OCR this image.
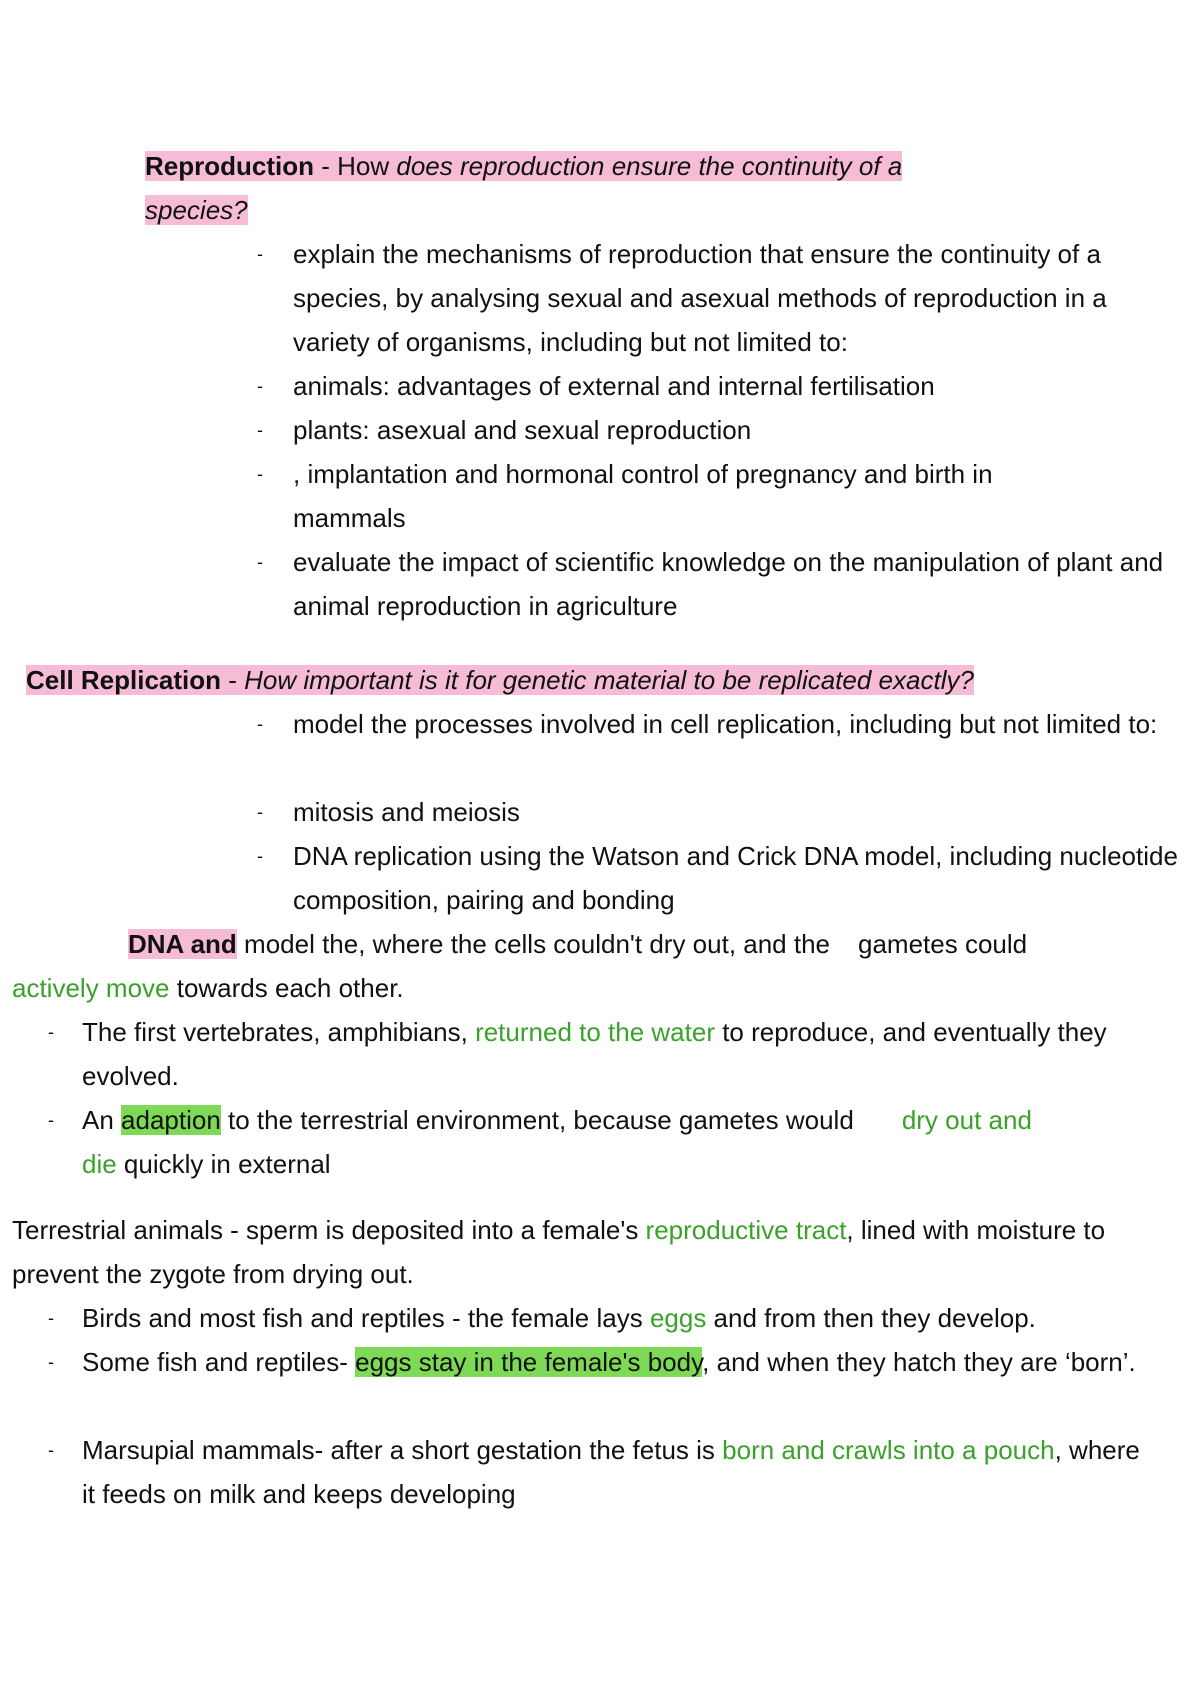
Reproduction - How does reproduction ensure the continuity of a
species?
- explain the mechanisms of reproduction that ensure the continuity of a species, by analysing sexual and asexual methods of reproduction in a variety of organisms, including but not limited to:
- animals: advantages of external and internal fertilisation
- plants: asexual and sexual reproduction
- , implantation and hormonal control of pregnancy and birth in mammals
- evaluate the impact of scientific knowledge on the manipulation of plant and animal reproduction in agriculture
Cell Replication - How important is it for genetic material to be replicated exactly?
- model the processes involved in cell replication, including but not limited to:
- mitosis and meiosis
- DNA replication using the Watson and Crick DNA model, including nucleotide composition, pairing and bonding
DNA and model the, where the cells couldn't dry out, and the gametes could
actively move towards each other.
- The first vertebrates, amphibians, returned to the water to reproduce, and eventually they evolved.
- An adaption to the terrestrial environment, because gametes would dry out and
die quickly in external
Terrestrial animals - sperm is deposited into a female's reproductive tract, lined with moisture to prevent the zygote from drying out.
- Birds and most fish and reptiles - the female lays eggs and from then they develop.
- Some fish and reptiles- eggs stay in the female's body, and when they hatch they are ‘born’.
- Marsupial mammals- after a short gestation the fetus is born and crawls into a pouch, where it feeds on milk and keeps developing
